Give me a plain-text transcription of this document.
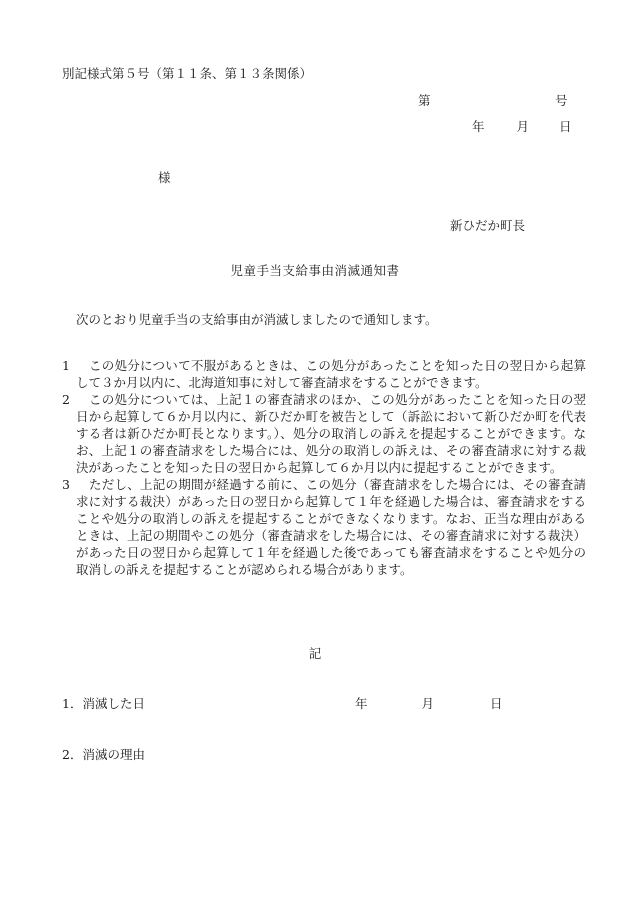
別記様式第５号（第１１条、第１３条関係）
第	号
年	月 日
様
新ひだか町長
児童手当支給事由消滅通知書
次のとおり児童手当の支給事由が消滅しましたので通知します。
1	この処分について不服があるときは、この処分があったことを知った日の翌日から起算して３か月以内に、北海道知事に対して審査請求をすることができます。
2	この処分については、上記１の審査請求のほか、この処分があったことを知った日の翌日から起算して６か月以内に、新ひだか町を被告として（訴訟において新ひだか町を代表する者は新ひだか町長となります。）、処分の取消しの訴えを提起することができます。なお、上記１の審査請求をした場合には、処分の取消しの訴えは、その審査請求に対する裁決があったことを知った日の翌日から起算して６か月以内に提起することができます。
3	ただし、上記の期間が経過する前に、この処分（審査請求をした場合には、その審査請求に対する裁決）があった日の翌日から起算して１年を経過した場合は、審査請求をすることや処分の取消しの訴えを提起することができなくなります。なお、正当な理由があるときは、上記の期間やこの処分（審査請求をした場合には、その審査請求に対する裁決）があった日の翌日から起算して１年を経過した後であっても審査請求をすることや処分の取消しの訴えを提起することが認められる場合があります。
記
1．消滅した日	年	月	日
2．消滅の理由
